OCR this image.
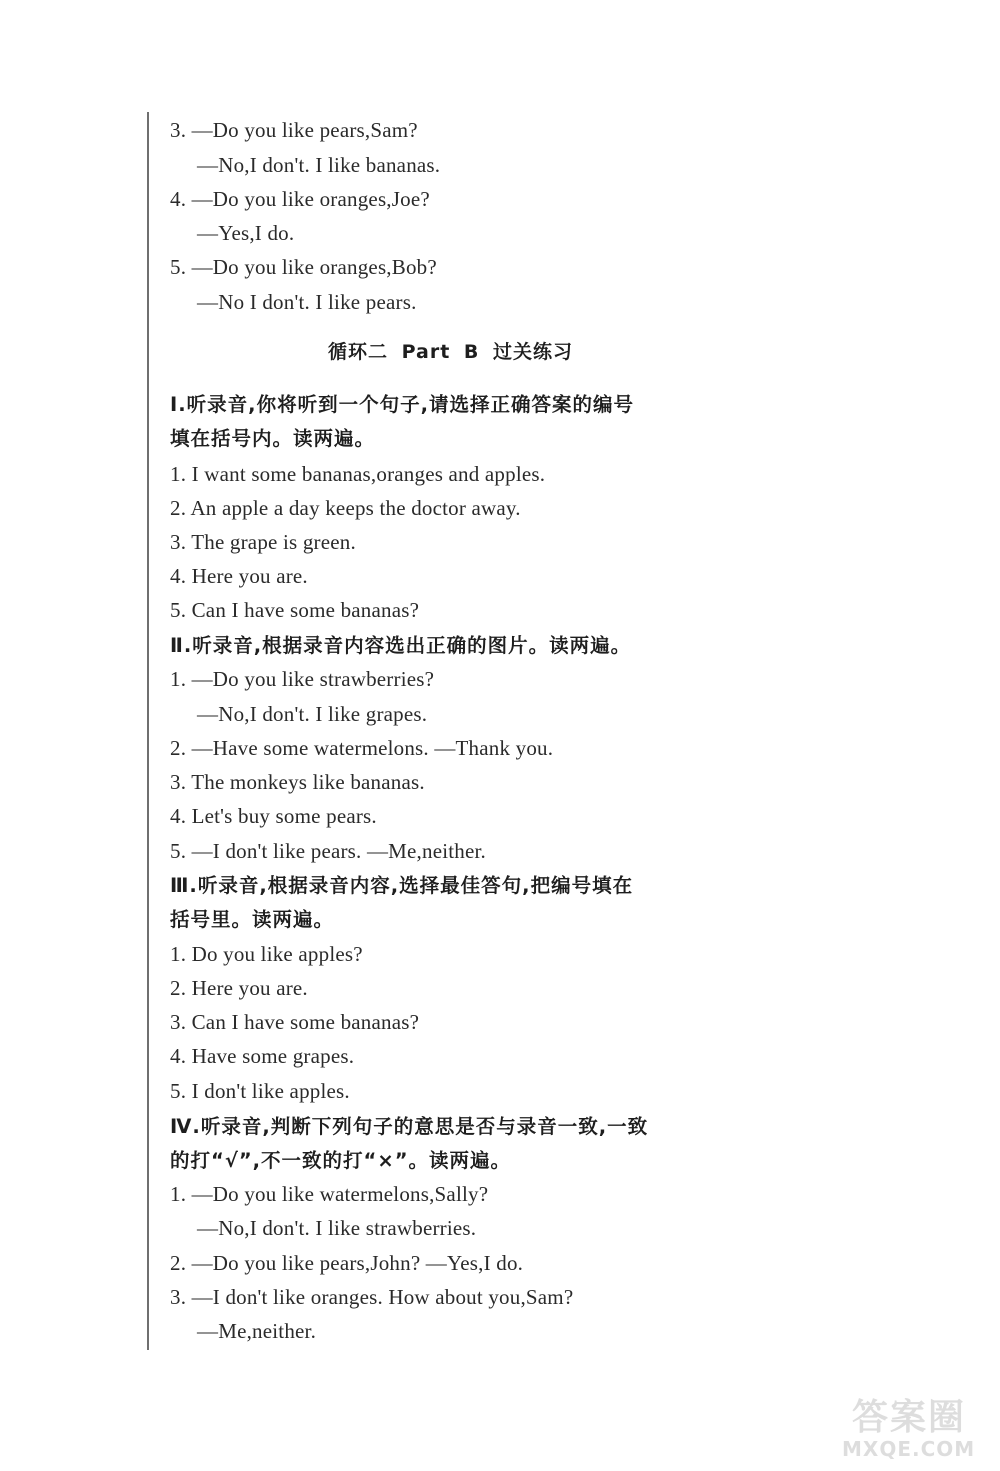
3. —Do you like pears,Sam?
—No,I don't. I like bananas.
4. —Do you like oranges,Joe?
—Yes,I do.
5. —Do you like oranges,Bob?
—No I don't. I like pears.
循环二 Part B 过关练习
Ⅰ.听录音,你将听到一个句子,请选择正确答案的编号
填在括号内。读两遍。
1. I want some bananas,oranges and apples.
2. An apple a day keeps the doctor away.
3. The grape is green.
4. Here you are.
5. Can I have some bananas?
Ⅱ.听录音,根据录音内容选出正确的图片。读两遍。
1. —Do you like strawberries?
—No,I don't. I like grapes.
2. —Have some watermelons. —Thank you.
3. The monkeys like bananas.
4. Let's buy some pears.
5. —I don't like pears. —Me,neither.
Ⅲ.听录音,根据录音内容,选择最佳答句,把编号填在
括号里。读两遍。
1. Do you like apples?
2. Here you are.
3. Can I have some bananas?
4. Have some grapes.
5. I don't like apples.
Ⅳ.听录音,判断下列句子的意思是否与录音一致,一致
的打“√”,不一致的打“×”。读两遍。
1. —Do you like watermelons,Sally?
—No,I don't. I like strawberries.
2. —Do you like pears,John? —Yes,I do.
3. —I don't like oranges. How about you,Sam?
—Me,neither.
答案圈
MXQE.COM
